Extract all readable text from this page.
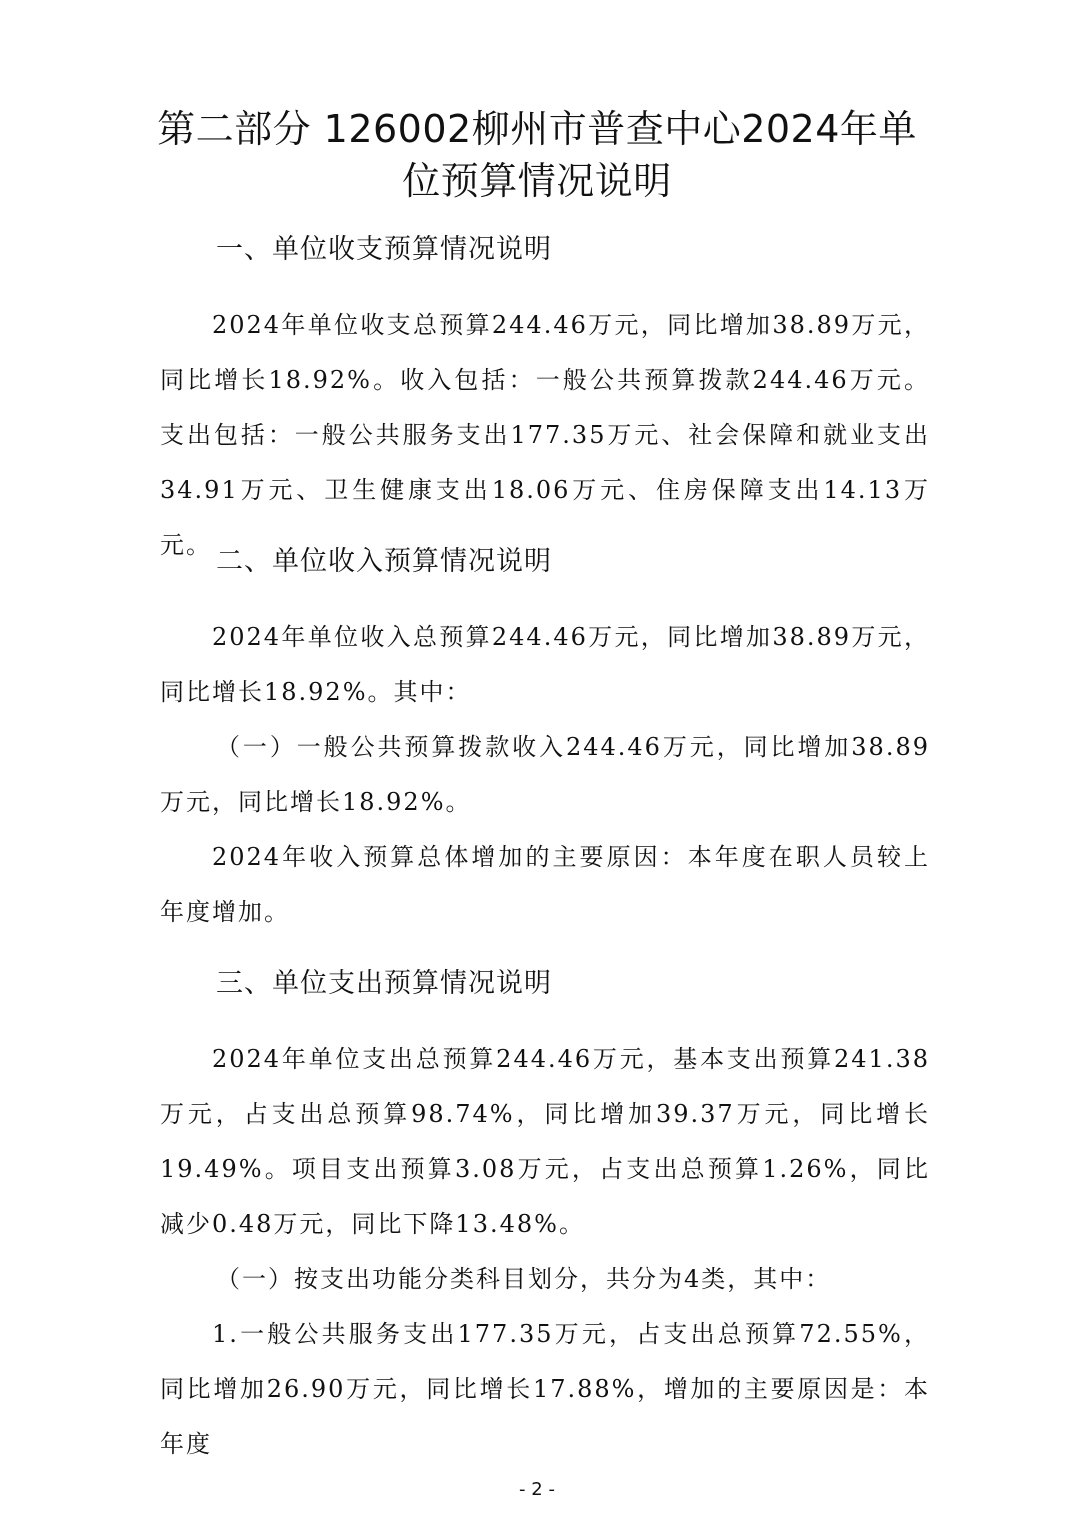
第二部分 126002柳州市普查中心2024年单
位预算情况说明
一、单位收支预算情况说明
2024年单位收支总预算244.46万元，同比增加38.89万元，同比增长18.92%。收入包括：一般公共预算拨款244.46万元。支出包括：一般公共服务支出177.35万元、社会保障和就业支出34.91万元、卫生健康支出18.06万元、住房保障支出14.13万元。
二、单位收入预算情况说明
2024年单位收入总预算244.46万元，同比增加38.89万元，同比增长18.92%。其中：
（一）一般公共预算拨款收入244.46万元，同比增加38.89万元，同比增长18.92%。
2024年收入预算总体增加的主要原因：本年度在职人员较上年度增加。
三、单位支出预算情况说明
2024年单位支出总预算244.46万元，基本支出预算241.38万元，占支出总预算98.74%，同比增加39.37万元，同比增长19.49%。项目支出预算3.08万元，占支出总预算1.26%，同比减少0.48万元，同比下降13.48%。
（一）按支出功能分类科目划分，共分为4类，其中：
1.一般公共服务支出177.35万元，占支出总预算72.55%，同比增加26.90万元，同比增长17.88%，增加的主要原因是：本年度
- 2 -
